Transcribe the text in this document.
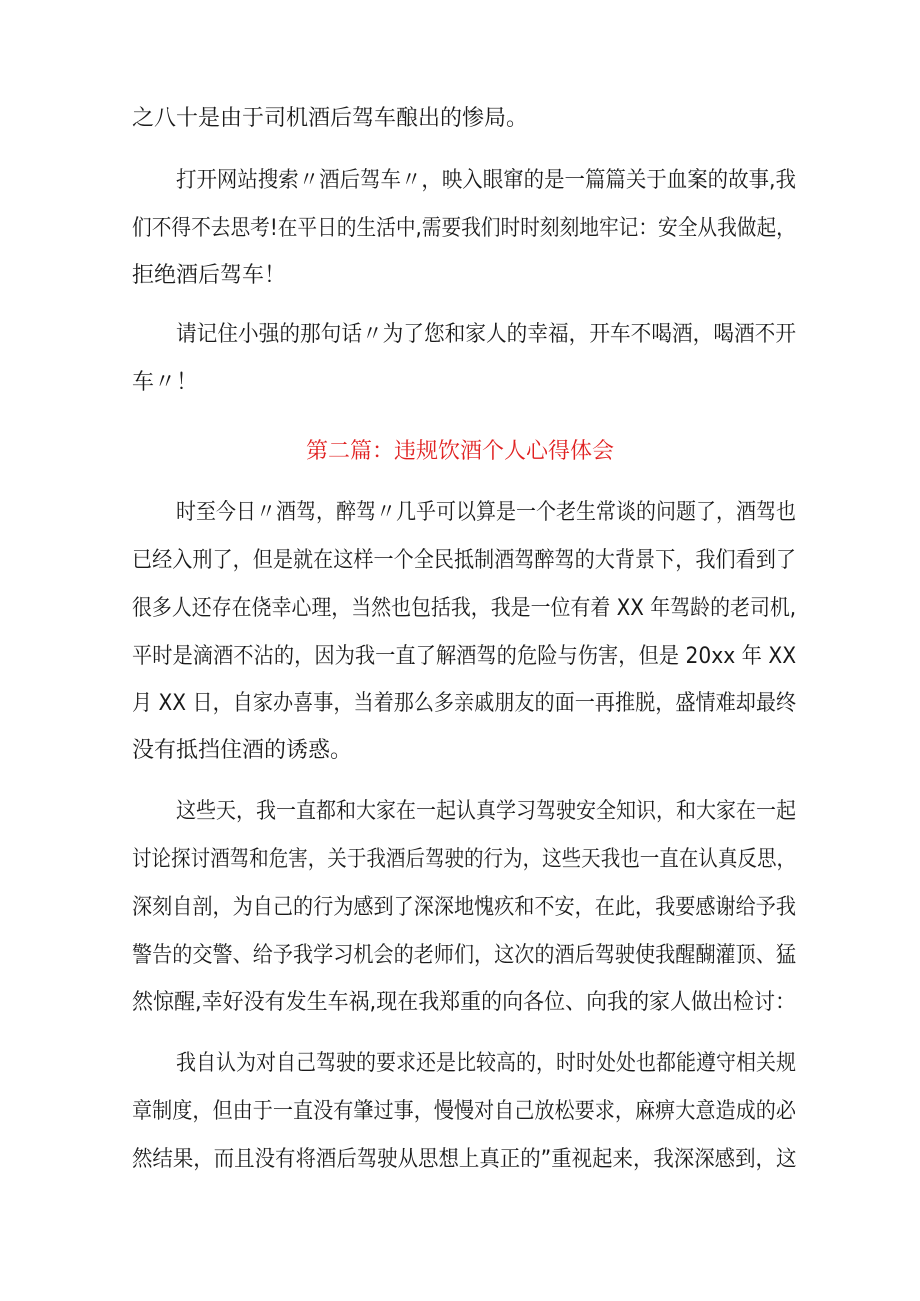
之八十是由于司机酒后驾车酿出的惨局。
打开网站搜索〃酒后驾车〃，映入眼窜的是一篇篇关于血案的故事,我
们不得不去思考!在平日的生活中,需要我们时时刻刻地牢记：安全从我做起，
拒绝酒后驾车！
请记住小强的那句话〃为了您和家人的幸福，开车不喝酒，喝酒不开
车〃！
第二篇：违规饮酒个人心得体会
时至今日〃酒驾，醉驾〃几乎可以算是一个老生常谈的问题了，酒驾也
已经入刑了，但是就在这样一个全民抵制酒驾醉驾的大背景下，我们看到了
很多人还存在侥幸心理，当然也包括我，我是一位有着 XX 年驾龄的老司机,
平时是滴酒不沾的，因为我一直了解酒驾的危险与伤害，但是 20xx 年 XX
月 XX 日，自家办喜事，当着那么多亲戚朋友的面一再推脱，盛情难却最终
没有抵挡住酒的诱惑。
这些天，我一直都和大家在一起认真学习驾驶安全知识，和大家在一起
讨论探讨酒驾和危害，关于我酒后驾驶的行为，这些天我也一直在认真反思，
深刻自剖，为自己的行为感到了深深地愧疚和不安，在此，我要感谢给予我
警告的交警、给予我学习机会的老师们，这次的酒后驾驶使我醒醐灌顶、猛
然惊醒,幸好没有发生车祸,现在我郑重的向各位、向我的家人做出检讨：
我自认为对自己驾驶的要求还是比较高的，时时处处也都能遵守相关规
章制度，但由于一直没有肇过事，慢慢对自己放松要求，麻痹大意造成的必
然结果，而且没有将酒后驾驶从思想上真正的”重视起来，我深深感到，这
